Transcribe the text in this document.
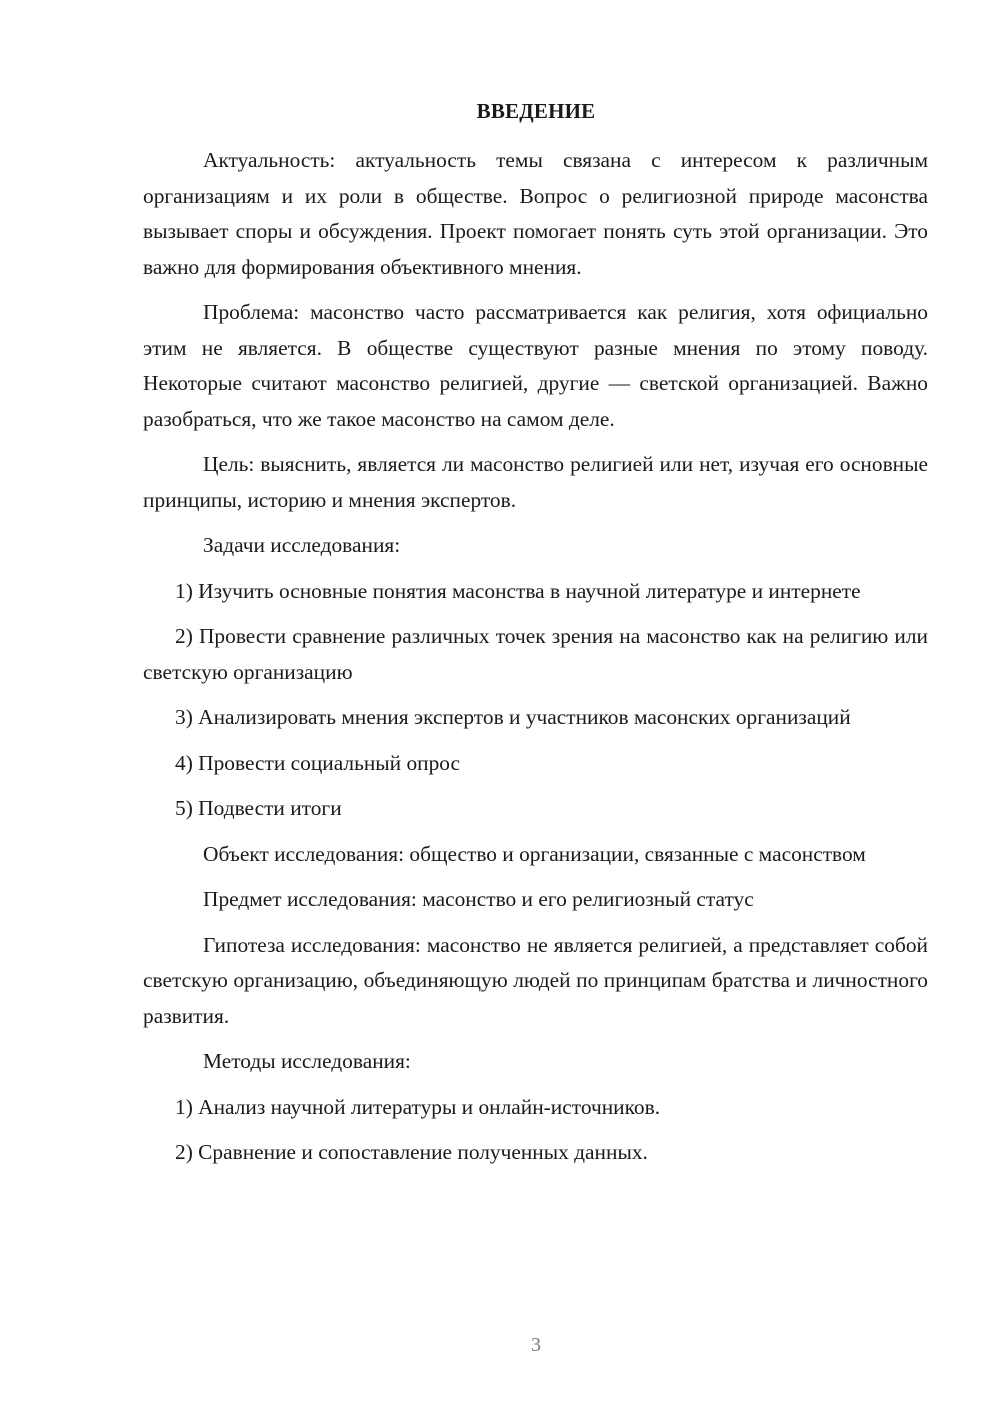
ВВЕДЕНИЕ

Актуальность: актуальность темы связана с интересом к различным организациям и их роли в обществе. Вопрос о религиозной природе масонства вызывает споры и обсуждения. Проект помогает понять суть этой организации. Это важно для формирования объективного мнения.

Проблема: масонство часто рассматривается как религия, хотя официально этим не является. В обществе существуют разные мнения по этому поводу. Некоторые считают масонство религией, другие — светской организацией. Важно разобраться, что же такое масонство на самом деле.

Цель: выяснить, является ли масонство религией или нет, изучая его основные принципы, историю и мнения экспертов.

Задачи исследования:

1) Изучить основные понятия масонства в научной литературе и интернете

2) Провести сравнение различных точек зрения на масонство как на религию или светскую организацию

3) Анализировать мнения экспертов и участников масонских организаций

4) Провести социальный опрос

5) Подвести итоги

Объект исследования: общество и организации, связанные с масонством

Предмет исследования: масонство и его религиозный статус

Гипотеза исследования: масонство не является религией, а представляет собой светскую организацию, объединяющую людей по принципам братства и личностного развития.

Методы исследования:

1) Анализ научной литературы и онлайн-источников.

2) Сравнение и сопоставление полученных данных.

3
